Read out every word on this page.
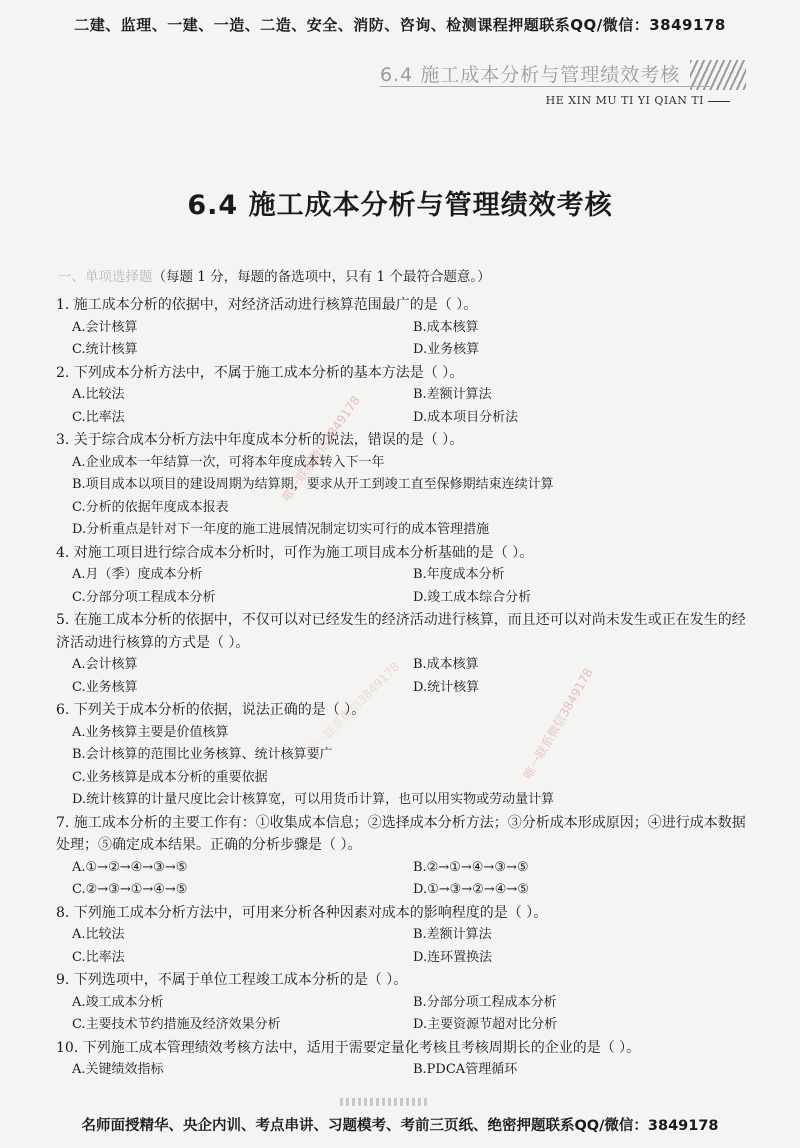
二建、监理、一建、一造、二造、安全、消防、咨询、检测课程押题联系QQ/微信：3849178
6.4 施工成本分析与管理绩效考核
HE XIN MU TI YI QIAN TI
6.4 施工成本分析与管理绩效考核
一、单项选择题（每题 1 分，每题的备选项中，只有 1 个最符合题意。）

1. 施工成本分析的依据中，对经济活动进行核算范围最广的是（ ）。

A.会计核算	B.成本核算
C.统计核算	D.业务核算

2. 下列成本分析方法中，不属于施工成本分析的基本方法是（ ）。

A.比较法	B.差额计算法
C.比率法	D.成本项目分析法

3. 关于综合成本分析方法中年度成本分析的说法，错误的是（ ）。

A.企业成本一年结算一次，可将本年度成本转入下一年
B.项目成本以项目的建设周期为结算期，要求从开工到竣工直至保修期结束连续计算
C.分析的依据年度成本报表
D.分析重点是针对下一年度的施工进展情况制定切实可行的成本管理措施

4. 对施工项目进行综合成本分析时，可作为施工项目成本分析基础的是（ ）。

A.月（季）度成本分析	B.年度成本分析
C.分部分项工程成本分析	D.竣工成本综合分析

5. 在施工成本分析的依据中，不仅可以对已经发生的经济活动进行核算，而且还可以对尚未发生或正在发生的经济活动进行核算的方式是（ ）。

A.会计核算	B.成本核算
C.业务核算	D.统计核算

6. 下列关于成本分析的依据，说法正确的是（ ）。

A.业务核算主要是价值核算
B.会计核算的范围比业务核算、统计核算要广
C.业务核算是成本分析的重要依据
D.统计核算的计量尺度比会计核算宽，可以用货币计算，也可以用实物或劳动量计算

7. 施工成本分析的主要工作有：①收集成本信息；②选择成本分析方法；③分析成本形成原因；④进行成本数据处理；⑤确定成本结果。正确的分析步骤是（ ）。

A.①→②→④→③→⑤	B.②→①→④→③→⑤
C.②→③→①→④→⑤	D.①→③→②→④→⑤

8. 下列施工成本分析方法中，可用来分析各种因素对成本的影响程度的是（ ）。

A.比较法	B.差额计算法
C.比率法	D.连环置换法

9. 下列选项中，不属于单位工程竣工成本分析的是（ ）。

A.竣工成本分析	B.分部分项工程成本分析
C.主要技术节约措施及经济效果分析	D.主要资源节超对比分析

10. 下列施工成本管理绩效考核方法中，适用于需要定量化考核且考核周期长的企业的是（ ）。

A.关键绩效指标	B.PDCA管理循环
唯一联系微信3849178
唯一联系微信3849178
唯一联系微信3849178
名师面授精华、央企内训、考点串讲、习题模考、考前三页纸、绝密押题联系QQ/微信：3849178
